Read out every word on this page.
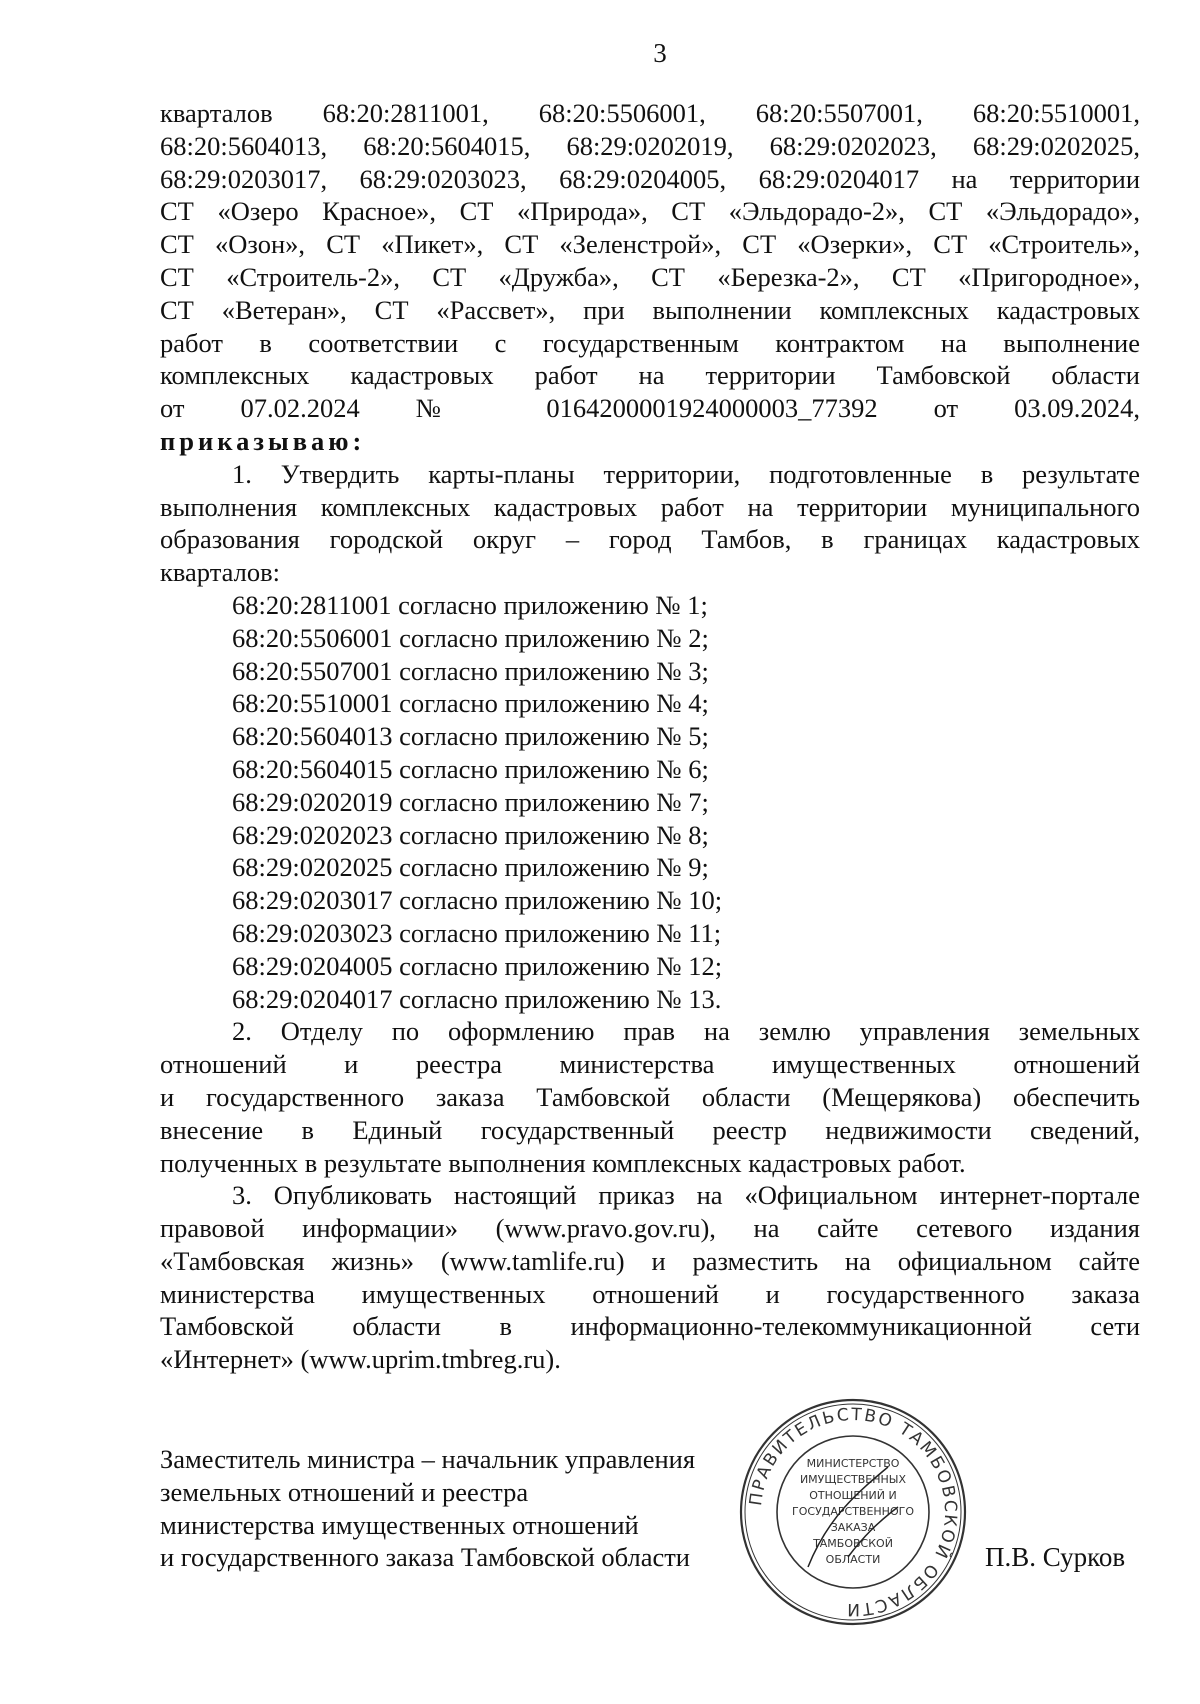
3

кварталов 68:20:2811001, 68:20:5506001, 68:20:5507001, 68:20:5510001,

68:20:5604013, 68:20:5604015, 68:29:0202019, 68:29:0202023, 68:29:0202025,

68:29:0203017, 68:29:0203023, 68:29:0204005, 68:29:0204017 на территории

СТ «Озеро Красное», СТ «Природа», СТ «Эльдорадо-2», СТ «Эльдорадо»,

СТ «Озон», СТ «Пикет», СТ «Зеленстрой», СТ «Озерки», СТ «Строитель»,

СТ «Строитель-2», СТ «Дружба», СТ «Березка-2», СТ «Пригородное»,

СТ «Ветеран», СТ «Рассвет», при выполнении комплексных кадастровых

работ в соответствии с государственным контрактом на выполнение

комплексных кадастровых работ на территории Тамбовской области

от 07.02.2024 № 0164200001924000003_77392 от 03.09.2024,

приказываю:

1. Утвердить карты-планы территории, подготовленные в результате

выполнения комплексных кадастровых работ на территории муниципального

образования городской округ – город Тамбов, в границах кадастровых

кварталов:

68:20:2811001 согласно приложению № 1;
68:20:5506001 согласно приложению № 2;
68:20:5507001 согласно приложению № 3;
68:20:5510001 согласно приложению № 4;
68:20:5604013 согласно приложению № 5;
68:20:5604015 согласно приложению № 6;
68:29:0202019 согласно приложению № 7;
68:29:0202023 согласно приложению № 8;
68:29:0202025 согласно приложению № 9;
68:29:0203017 согласно приложению № 10;
68:29:0203023 согласно приложению № 11;
68:29:0204005 согласно приложению № 12;
68:29:0204017 согласно приложению № 13.

2. Отделу по оформлению прав на землю управления земельных

отношений и реестра министерства имущественных отношений

и государственного заказа Тамбовской области (Мещерякова) обеспечить

внесение в Единый государственный реестр недвижимости сведений,

полученных в результате выполнения комплексных кадастровых работ.

3. Опубликовать настоящий приказ на «Официальном интернет-портале

правовой информации» (www.pravo.gov.ru), на сайте сетевого издания

«Тамбовская жизнь» (www.tamlife.ru) и разместить на официальном сайте

министерства имущественных отношений и государственного заказа

Тамбовской области в информационно-телекоммуникационной сети

«Интернет» (www.uprim.tmbreg.ru).

Заместитель министра – начальник управления
земельных отношений и реестра
министерства имущественных отношений
и государственного заказа Тамбовской области
ПРАВИТЕЛЬСТВО ТАМБОВСКОЙ ОБЛАСТИ
МИНИСТЕРСТВО
ИМУЩЕСТВЕННЫХ
ОТНОШЕНИЙ И
ГОСУДАРСТВЕННОГО
ЗАКАЗА
ТАМБОВСКОЙ
ОБЛАСТИ	П.В. Сурков
